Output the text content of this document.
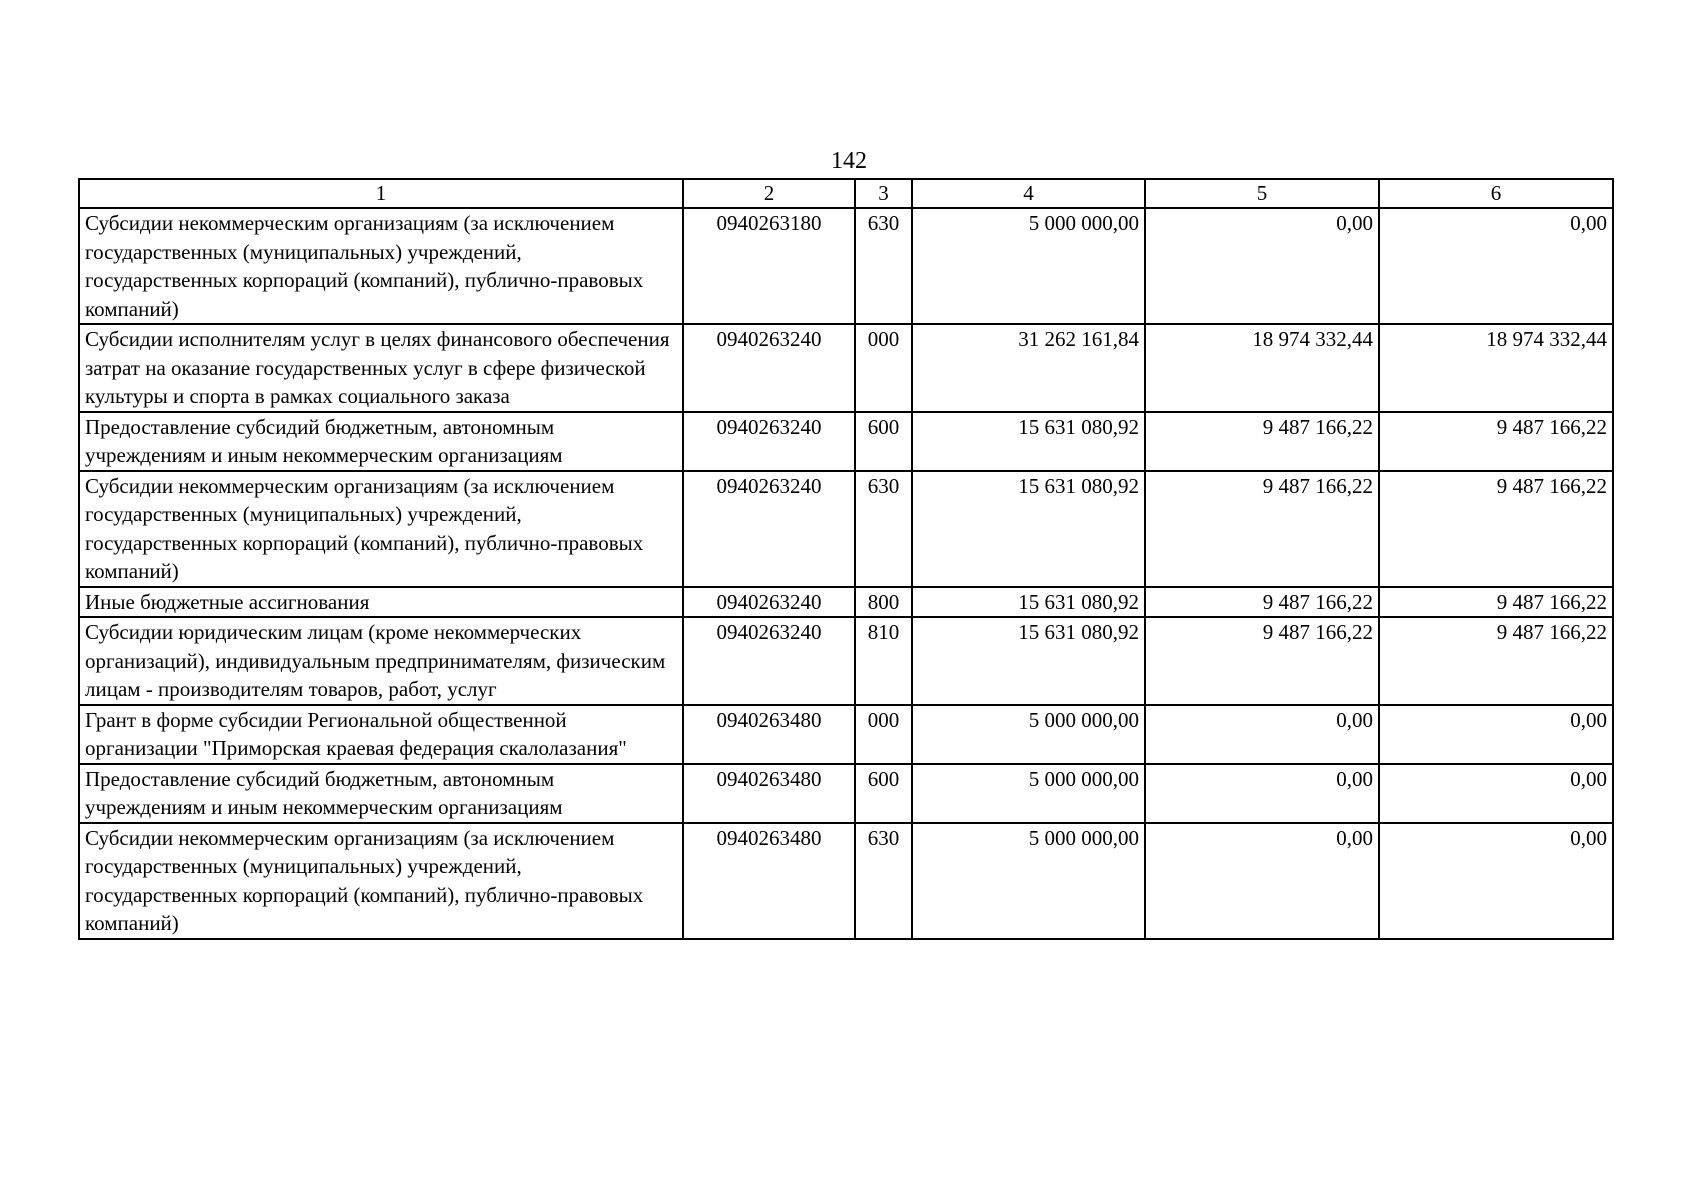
142
1	2	3	4	5	6
Субсидии некоммерческим организациям (за исключением государственных (муниципальных) учреждений, государственных корпораций (компаний), публично-правовых компаний)	0940263180	630	5 000 000,00	0,00	0,00
Субсидии исполнителям услуг в целях финансового обеспечения затрат на оказание государственных услуг в сфере физической культуры и спорта в рамках социального заказа	0940263240	000	31 262 161,84	18 974 332,44	18 974 332,44
Предоставление субсидий бюджетным, автономным учреждениям и иным некоммерческим организациям	0940263240	600	15 631 080,92	9 487 166,22	9 487 166,22
Субсидии некоммерческим организациям (за исключением государственных (муниципальных) учреждений, государственных корпораций (компаний), публично-правовых компаний)	0940263240	630	15 631 080,92	9 487 166,22	9 487 166,22
Иные бюджетные ассигнования	0940263240	800	15 631 080,92	9 487 166,22	9 487 166,22
Субсидии юридическим лицам (кроме некоммерческих организаций), индивидуальным предпринимателям, физическим лицам - производителям товаров, работ, услуг	0940263240	810	15 631 080,92	9 487 166,22	9 487 166,22
Грант в форме субсидии Региональной общественной организации "Приморская краевая федерация скалолазания"	0940263480	000	5 000 000,00	0,00	0,00
Предоставление субсидий бюджетным, автономным учреждениям и иным некоммерческим организациям	0940263480	600	5 000 000,00	0,00	0,00
Субсидии некоммерческим организациям (за исключением государственных (муниципальных) учреждений, государственных корпораций (компаний), публично-правовых компаний)	0940263480	630	5 000 000,00	0,00	0,00
